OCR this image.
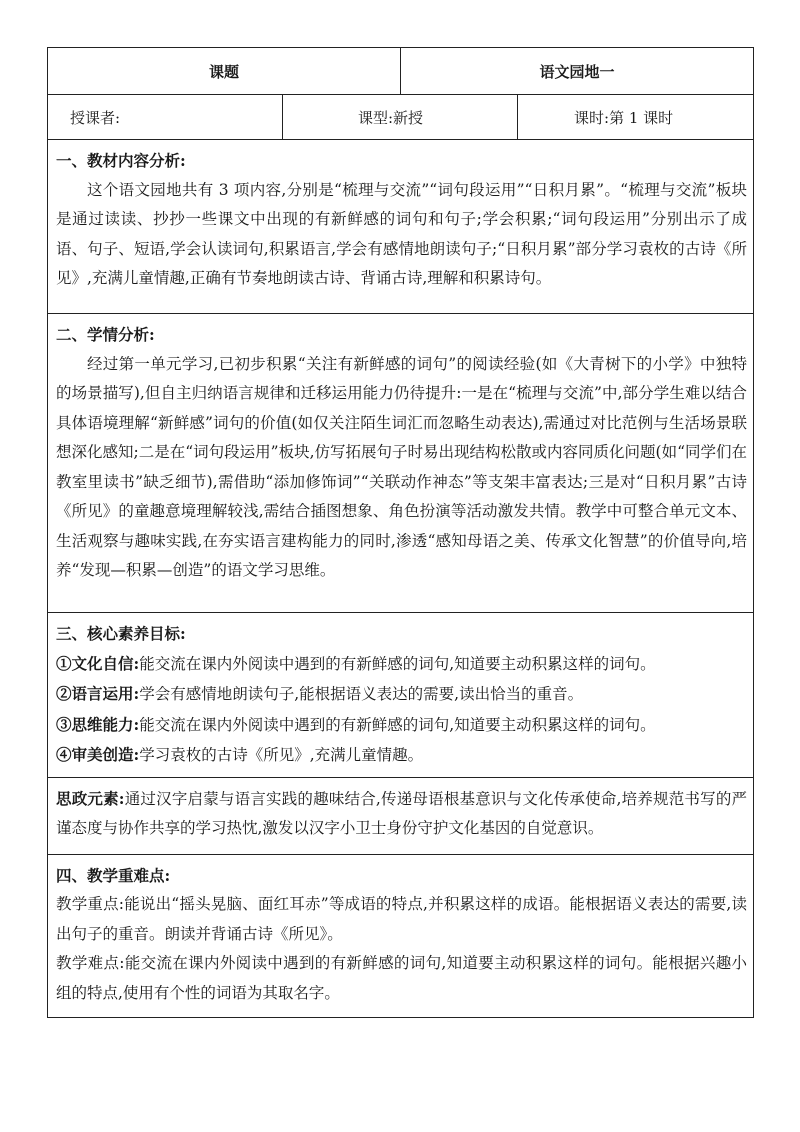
课题		语文园地一	
授课者:	课型:新授		课时:第 1 课时

一、教材内容分析:

这个语文园地共有 3 项内容,分别是“梳理与交流”“词句段运用”“日积月累”。“梳理与交流”板块是通过读读、抄抄一些课文中出现的有新鲜感的词句和句子;学会积累;“词句段运用”分别出示了成语、句子、短语,学会认读词句,积累语言,学会有感情地朗读句子;“日积月累”部分学习袁枚的古诗《所见》,充满儿童情趣,正确有节奏地朗读古诗、背诵古诗,理解和积累诗句。			

二、学情分析:

经过第一单元学习,已初步积累“关注有新鲜感的词句”的阅读经验(如《大青树下的小学》中独特的场景描写),但自主归纳语言规律和迁移运用能力仍待提升:一是在“梳理与交流”中,部分学生难以结合具体语境理解“新鲜感”词句的价值(如仅关注陌生词汇而忽略生动表达),需通过对比范例与生活场景联想深化感知;二是在“词句段运用”板块,仿写拓展句子时易出现结构松散或内容同质化问题(如“同学们在教室里读书”缺乏细节),需借助“添加修饰词”“关联动作神态”等支架丰富表达;三是对“日积月累”古诗《所见》的童趣意境理解较浅,需结合插图想象、角色扮演等活动激发共情。教学中可整合单元文本、生活观察与趣味实践,在夯实语言建构能力的同时,渗透“感知母语之美、传承文化智慧”的价值导向,培养“发现—积累—创造”的语文学习思维。			

三、核心素养目标:

①文化自信:能交流在课内外阅读中遇到的有新鲜感的词句,知道要主动积累这样的词句。

②语言运用:学会有感情地朗读句子,能根据语义表达的需要,读出恰当的重音。

③思维能力:能交流在课内外阅读中遇到的有新鲜感的词句,知道要主动积累这样的词句。

④审美创造:学习袁枚的古诗《所见》,充满儿童情趣。			

思政元素:通过汉字启蒙与语言实践的趣味结合,传递母语根基意识与文化传承使命,培养规范书写的严谨态度与协作共享的学习热忱,激发以汉字小卫士身份守护文化基因的自觉意识。			

四、教学重难点:

教学重点:能说出“摇头晃脑、面红耳赤”等成语的特点,并积累这样的成语。能根据语义表达的需要,读出句子的重音。朗读并背诵古诗《所见》。

教学难点:能交流在课内外阅读中遇到的有新鲜感的词句,知道要主动积累这样的词句。能根据兴趣小组的特点,使用有个性的词语为其取名字。			
